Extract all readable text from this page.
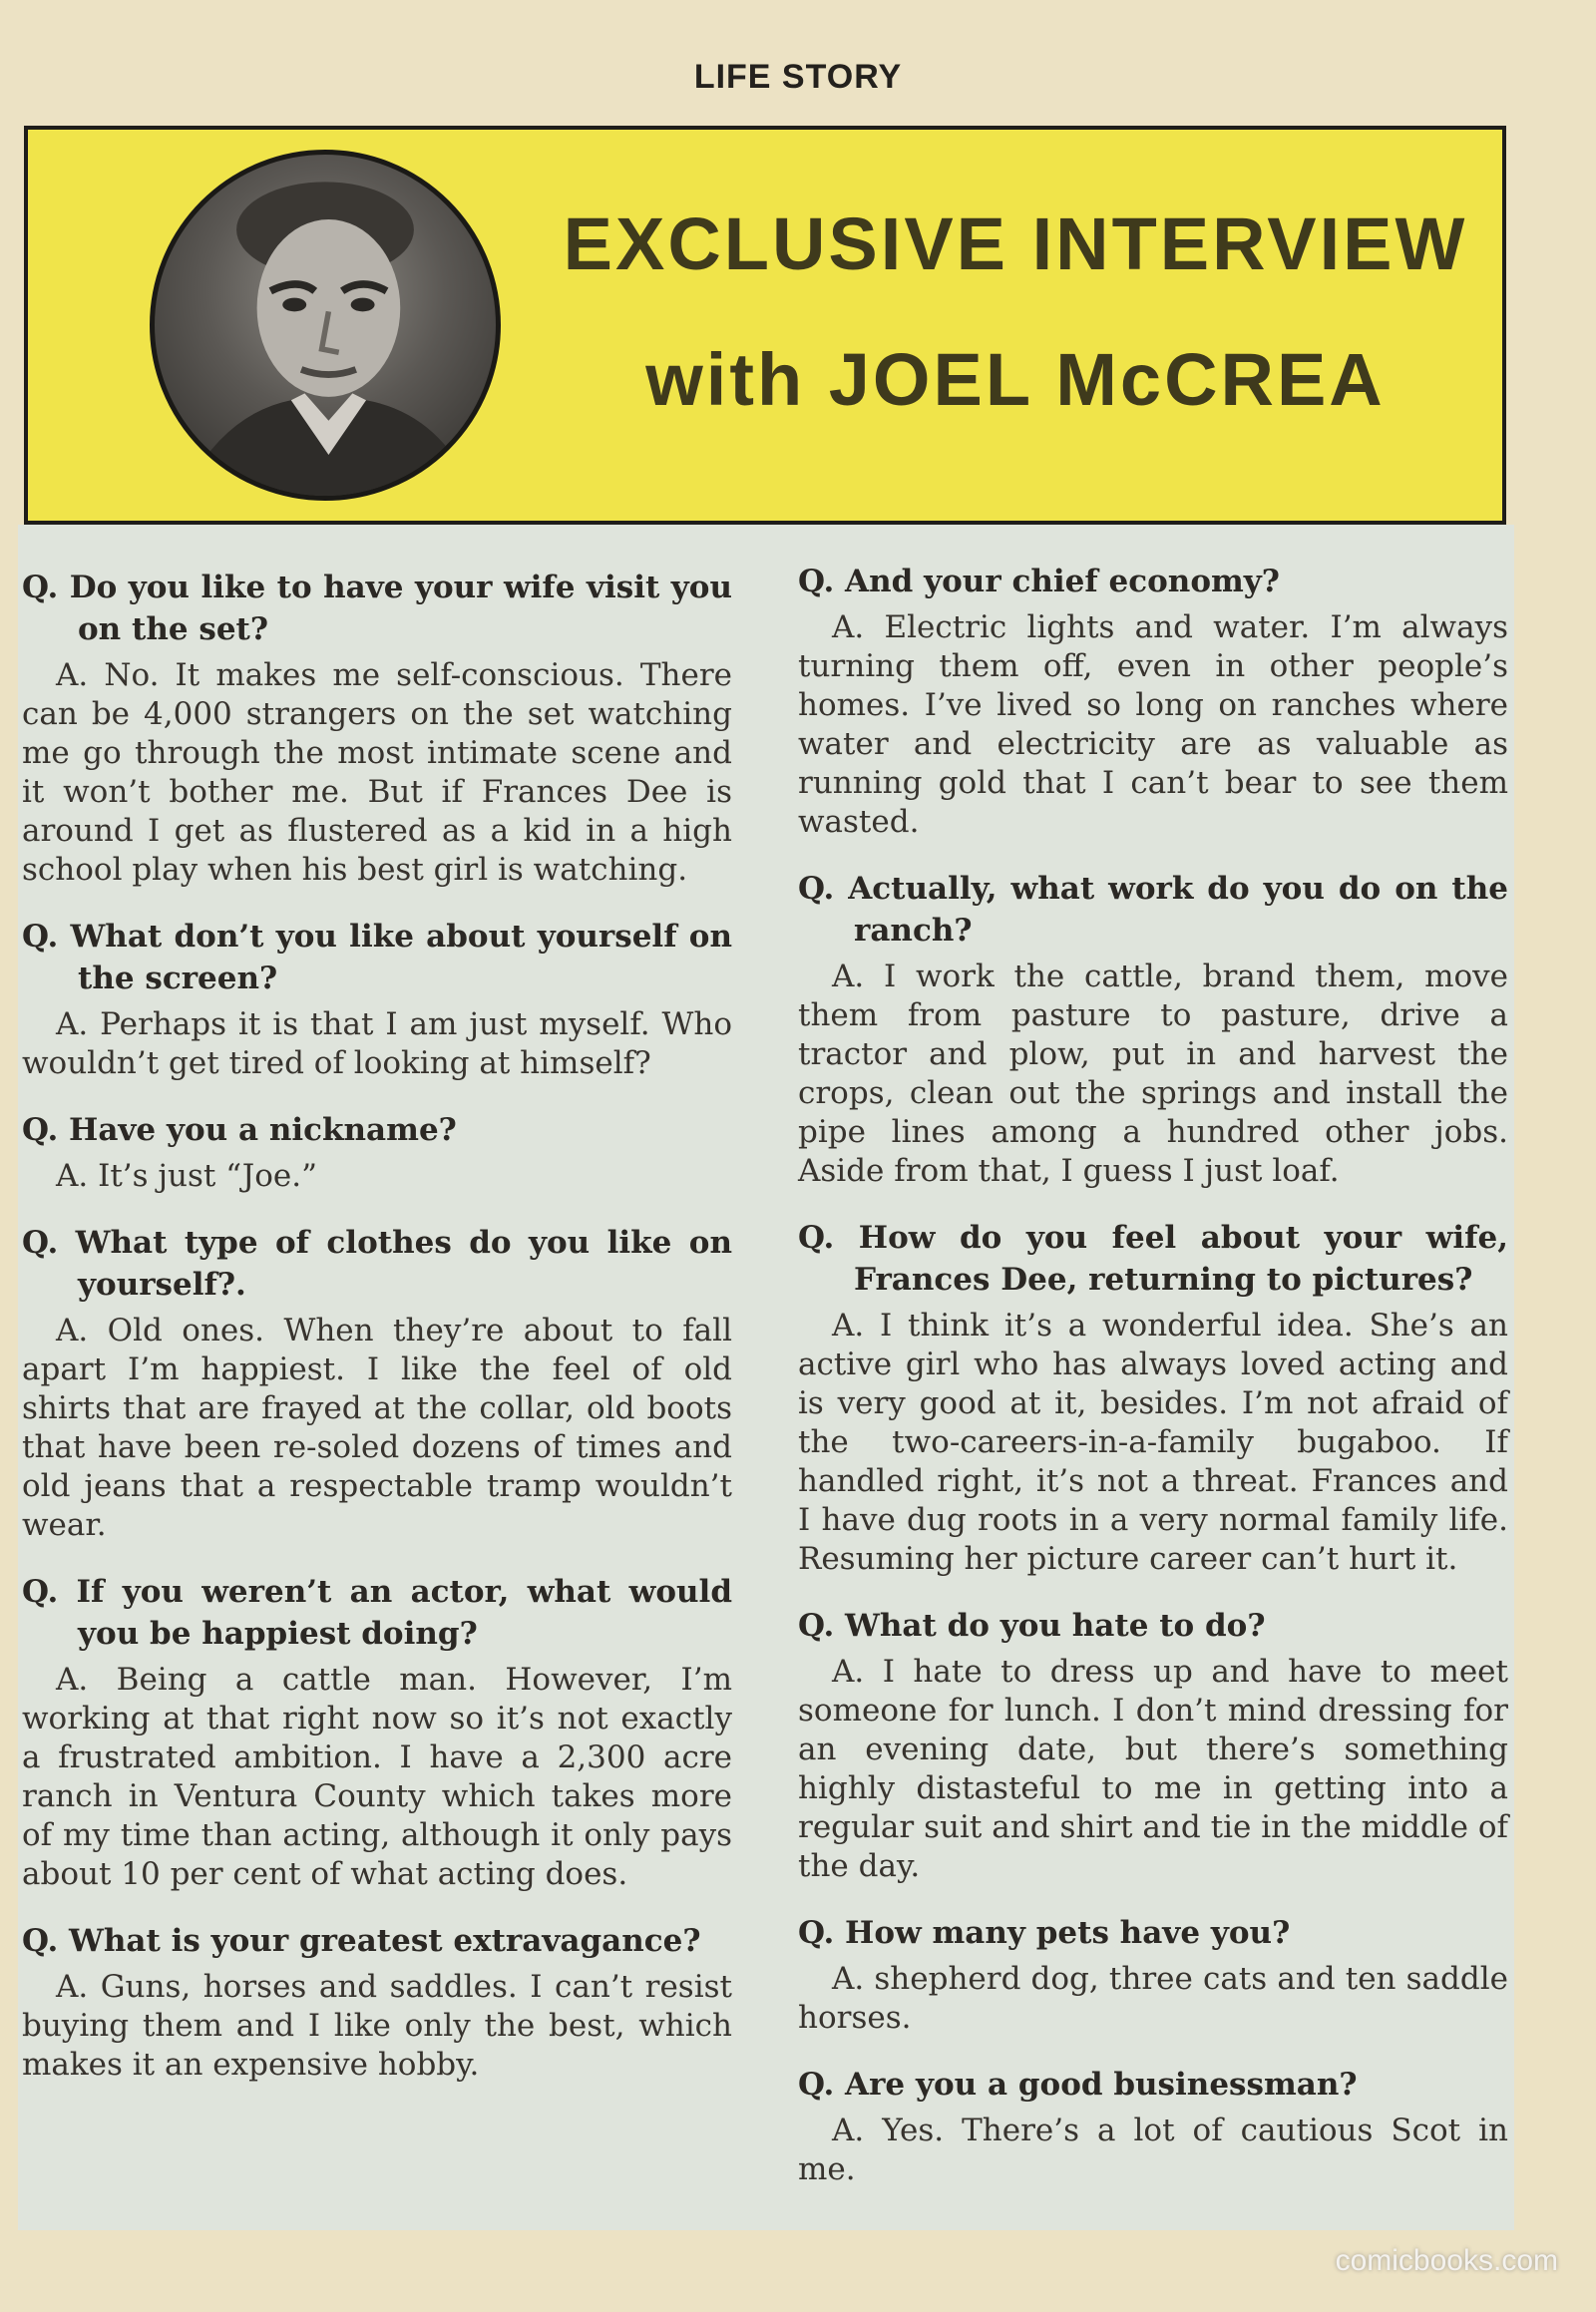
LIFE STORY
EXCLUSIVE INTERVIEW
with JOEL McCREA

Q. Do you like to have your wife visit you on the set?

A. No. It makes me self-conscious. There can be 4,000 strangers on the set watching me go through the most intimate scene and it won’t bother me. But if Frances Dee is around I get as flustered as a kid in a high school play when his best girl is watching.

Q. What don’t you like about yourself on the screen?

A. Perhaps it is that I am just myself. Who wouldn’t get tired of looking at himself?

Q. Have you a nickname?

A. It’s just “Joe.”

Q. What type of clothes do you like on yourself?.

A. Old ones. When they’re about to fall apart I’m happiest. I like the feel of old shirts that are frayed at the collar, old boots that have been re-soled dozens of times and old jeans that a respectable tramp wouldn’t wear.

Q. If you weren’t an actor, what would you be happiest doing?

A. Being a cattle man. However, I’m working at that right now so it’s not exactly a frustrated ambition. I have a 2,300 acre ranch in Ventura County which takes more of my time than acting, although it only pays about 10 per cent of what acting does.

Q. What is your greatest extravagance?

A. Guns, horses and saddles. I can’t resist buying them and I like only the best, which makes it an expensive hobby.

Q. And your chief economy?

A. Electric lights and water. I’m always turning them off, even in other people’s homes. I’ve lived so long on ranches where water and electricity are as valuable as running gold that I can’t bear to see them wasted.

Q. Actually, what work do you do on the ranch?

A. I work the cattle, brand them, move them from pasture to pasture, drive a tractor and plow, put in and harvest the crops, clean out the springs and install the pipe lines among a hundred other jobs. Aside from that, I guess I just loaf.

Q. How do you feel about your wife, Frances Dee, returning to pictures?

A. I think it’s a wonderful idea. She’s an active girl who has always loved acting and is very good at it, besides. I’m not afraid of the two-careers-in-a-family bugaboo. If handled right, it’s not a threat. Frances and I have dug roots in a very normal family life. Resuming her picture career can’t hurt it.

Q. What do you hate to do?

A. I hate to dress up and have to meet someone for lunch. I don’t mind dressing for an evening date, but there’s something highly distasteful to me in getting into a regular suit and shirt and tie in the middle of the day.

Q. How many pets have you?

A. shepherd dog, three cats and ten saddle horses.

Q. Are you a good businessman?

A. Yes. There’s a lot of cautious Scot in me.

comicbooks.com
